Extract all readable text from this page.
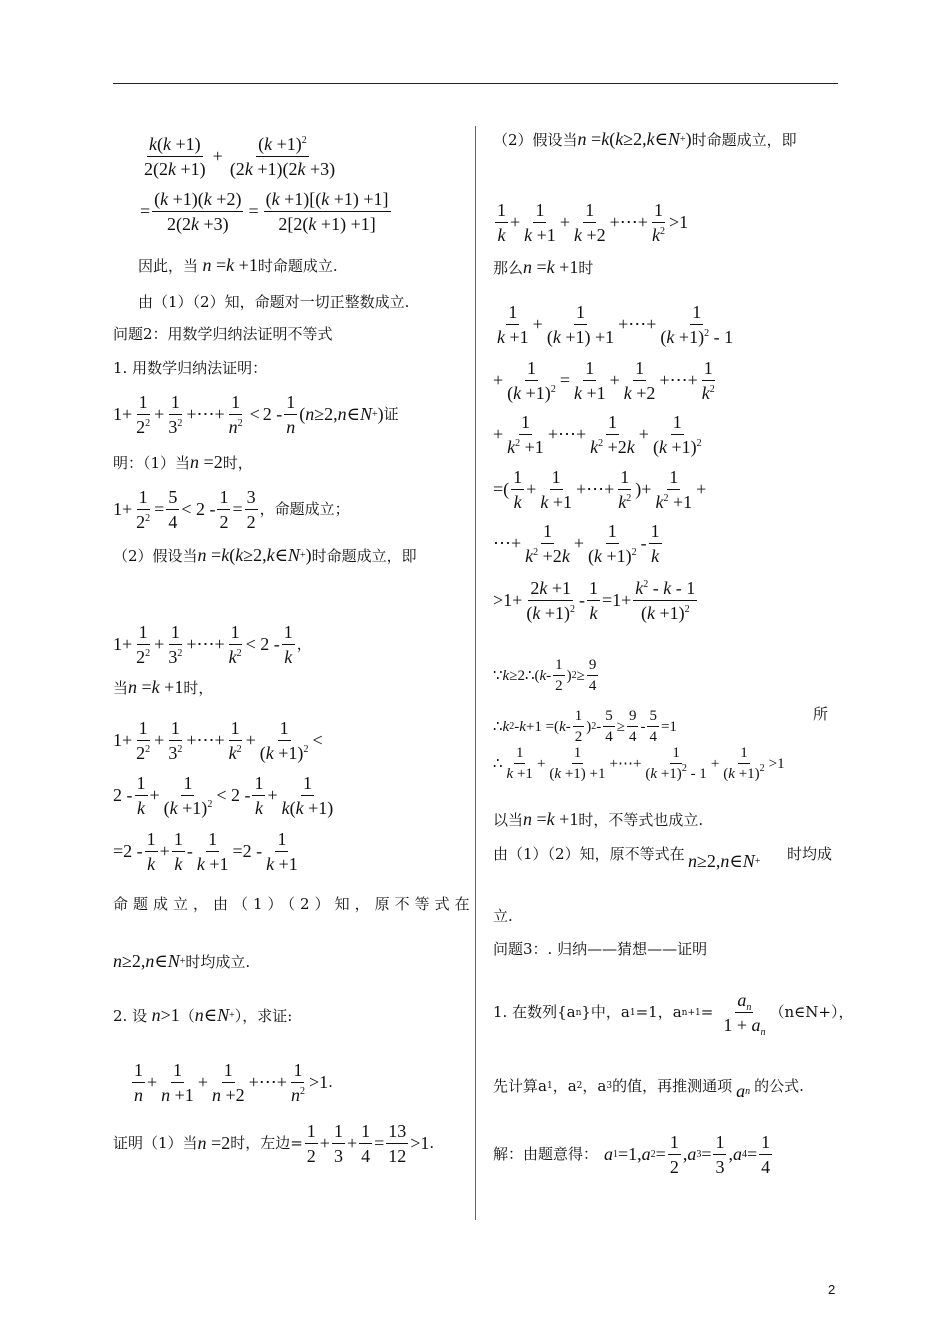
$\frac{k(k +1)}{2(2k +1)} + \frac{(k +1)^2}{(2k +1)(2k +3)}$
= $\frac{(k +1)(k +2)}{2(2k +3)} = \frac{(k +1)[(k +1) +1]}{2[2(k +1) +1]}$
因此，当
n = k +1 时命题成立.
由（1）（2）知，命题对一切正整数成立.
问题2：用数学归纳法证明不等式
1. 用数学归纳法证明：
$1+ \frac{1}{2^2} + \frac{1}{3^2}$ +⋯+ $\frac{1}{n^2} < 2 - \frac{1}{n}$ ( n ≥2, n ∈ N + ) 证
明：（1）当 n =2 时，
$1+ \frac{1}{2^2} = \frac{5}{4} < 2 - \frac{1}{2} = \frac{3}{2}$ ，命题成立；
（2）假设当 n = k ( k ≥2, k ∈ N + ) 时命题成立，即
$1+ \frac{1}{2^2} + \frac{1}{3^2}$ +⋯+ $\frac{1}{k^2} < 2 - \frac{1}{k}$ ，
当 n = k +1 时，
$1+ \frac{1}{2^2} + \frac{1}{3^2}$ +⋯+ $\frac{1}{k^2} + \frac{1}{(k +1)^2}$ <
$2 - \frac{1}{k} + \frac{1}{(k +1)^2} < 2 - \frac{1}{k} + \frac{1}{k(k +1)}$
$=2 - \frac{1}{k} + \frac{1}{k} - \frac{1}{k +1} =2 - \frac{1}{k +1}$
命题成立，由（1）（2）知，原不等式在
n ≥2, n ∈ N + 时均成立.
2. 设
n >1 （ n ∈ N + ），求证:
$\frac{1}{n} + \frac{1}{n +1} + \frac{1}{n +2}$ +⋯+ $\frac{1}{n^2} >1$ .
证明（1）当 n =2 时，左边= $\frac{1}{2} + \frac{1}{3} + \frac{1}{4} = \frac{13}{12} >1$ .
（2）假设当 n = k ( k ≥2, k ∈ N + ) 时命题成立，即
$\frac{1}{k} + \frac{1}{k +1} + \frac{1}{k +2}$ +⋯+ $\frac{1}{k^2} >1$
那么 n = k +1 时
$\frac{1}{k +1} + \frac{1}{(k +1) +1}$ +⋯+ $\frac{1}{(k +1)^2 - 1}$
+ $\frac{1}{(k +1)^2} = \frac{1}{k +1} + \frac{1}{k +2}$ +⋯+ $\frac{1}{k^2}$
+ $\frac{1}{k^2 +1}$ +⋯+ $\frac{1}{k^2 +2k} + \frac{1}{(k +1)^2}$
=( $\frac{1}{k} + \frac{1}{k +1}$ +⋯+ $\frac{1}{k^2}$ )+ $\frac{1}{k^2 +1}$ +
⋯+ $\frac{1}{k^2 +2k} + \frac{1}{(k +1)^2} - \frac{1}{k}$
$>1+ \frac{2k +1}{(k +1)^2} - \frac{1}{k} =1+ \frac{k^2 - k - 1}{(k +1)^2}$
∵ k ≥2∴( k - $\frac{1}{2}$ ) $2 \ge \frac{9}{4}$
∴ k 2 - k +1 =( k - $\frac{1}{2}$ ) $2 - \frac{5}{4} \ge \frac{9}{4} - \frac{5}{4} =1$
所
∴ $\frac{1}{k +1} + \frac{1}{(k +1) +1}$ +⋯+ $\frac{1}{(k +1)^2 - 1} + \frac{1}{(k +1)^2} >1$
以当 n = k +1 时，不等式也成立.
由（1）（2）知，原不等式在 n ≥2, n ∈ N + 时均成
立.
问题3：. 归纳——猜想——证明
1. 在数列{a n }中，a 1 =1，a $n+1 = \frac{a_n}{1 + a_n}$ （n∈N+），
先计算a 1 ，a 2 ，a 3 的值，再推测通项 a n 的公式.
解：由题意得： a 1 =1, a $2 = \frac{1}{2}$ , a $3 = \frac{1}{3}$ , a $4 = \frac{1}{4}$
2
